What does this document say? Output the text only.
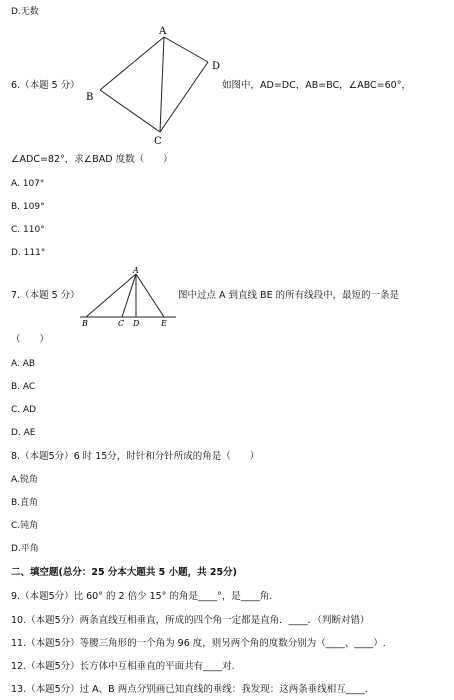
D.无数
A
D
B
C
6.（本题 5 分）	如图中，AD=DC，AB=BC，∠ABC=60°，
∠ADC=82°，求∠BAD 度数（　　）
A. 107°
B. 109°
C. 110°
D. 111°
A
B	C D	E
7.（本题 5 分）	图中过点 A 到直线 BE 的所有线段中，最短的一条是
（　　）
A. AB
B. AC
C. AD
D. AE
8.（本题5分）6 时 15分，时针和分针所成的角是（　　）
A.锐角
B.直角
C.钝角
D.平角
二、填空题(总分：25 分本大题共 5 小题，共 25分)
9.（本题5分）比 60° 的 2 倍少 15° 的角是____°，是____角.
10.（本题5分）两条直线互相垂直，所成的四个角一定都是直角．____．（判断对错）
11.（本题5分）等腰三角形的一个角为 96 度，则另两个角的度数分别为（____、____）.
12.（本题5分）长方体中互相垂直的平面共有____对.
13.（本题5分）过 A、B 两点分别画已知直线的垂线：我发现：这两条垂线相互____.
